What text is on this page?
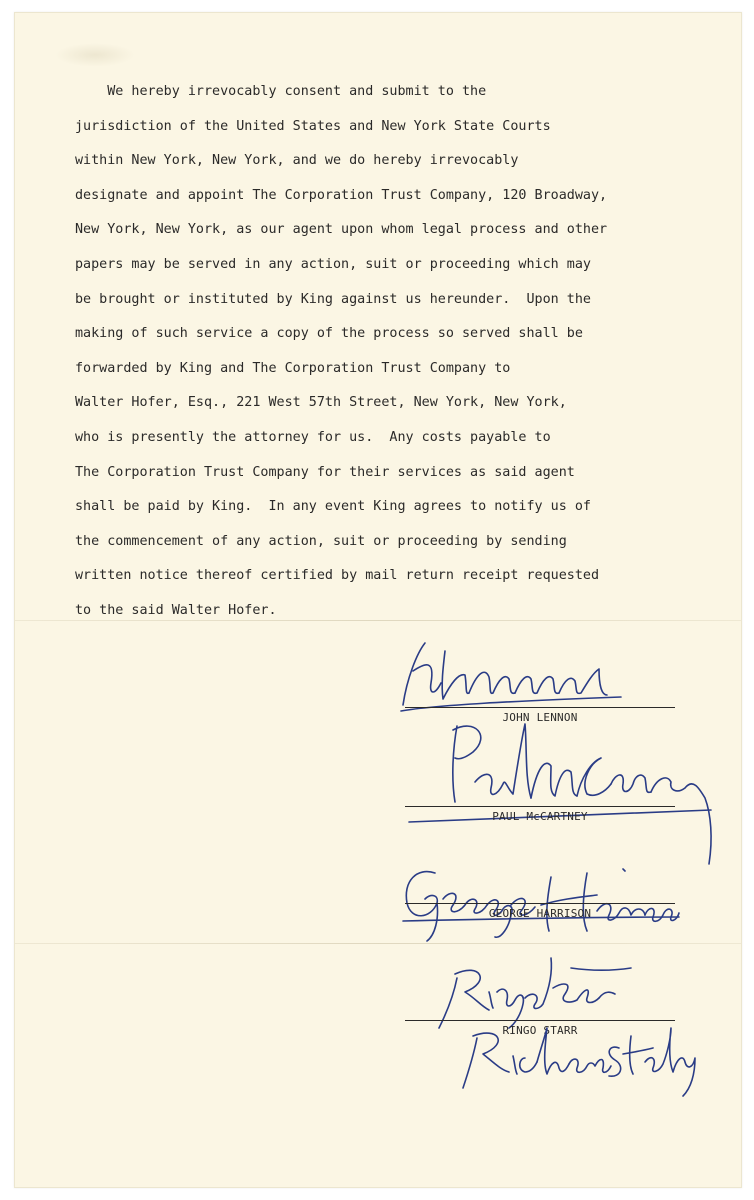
We hereby irrevocably consent and submit to the
jurisdiction of the United States and New York State Courts
within New York, New York, and we do hereby irrevocably
designate and appoint The Corporation Trust Company, 120 Broadway,
New York, New York, as our agent upon whom legal process and other
papers may be served in any action, suit or proceeding which may
be brought or instituted by King against us hereunder.  Upon the
making of such service a copy of the process so served shall be
forwarded by King and The Corporation Trust Company to
Walter Hofer, Esq., 221 West 57th Street, New York, New York,
who is presently the attorney for us.  Any costs payable to
The Corporation Trust Company for their services as said agent
shall be paid by King.  In any event King agrees to notify us of
the commencement of any action, suit or proceeding by sending
written notice thereof certified by mail return receipt requested
to the said Walter Hofer.
JOHN LENNON
PAUL McCARTNEY
GEORGE HARRISON
RINGO STARR
